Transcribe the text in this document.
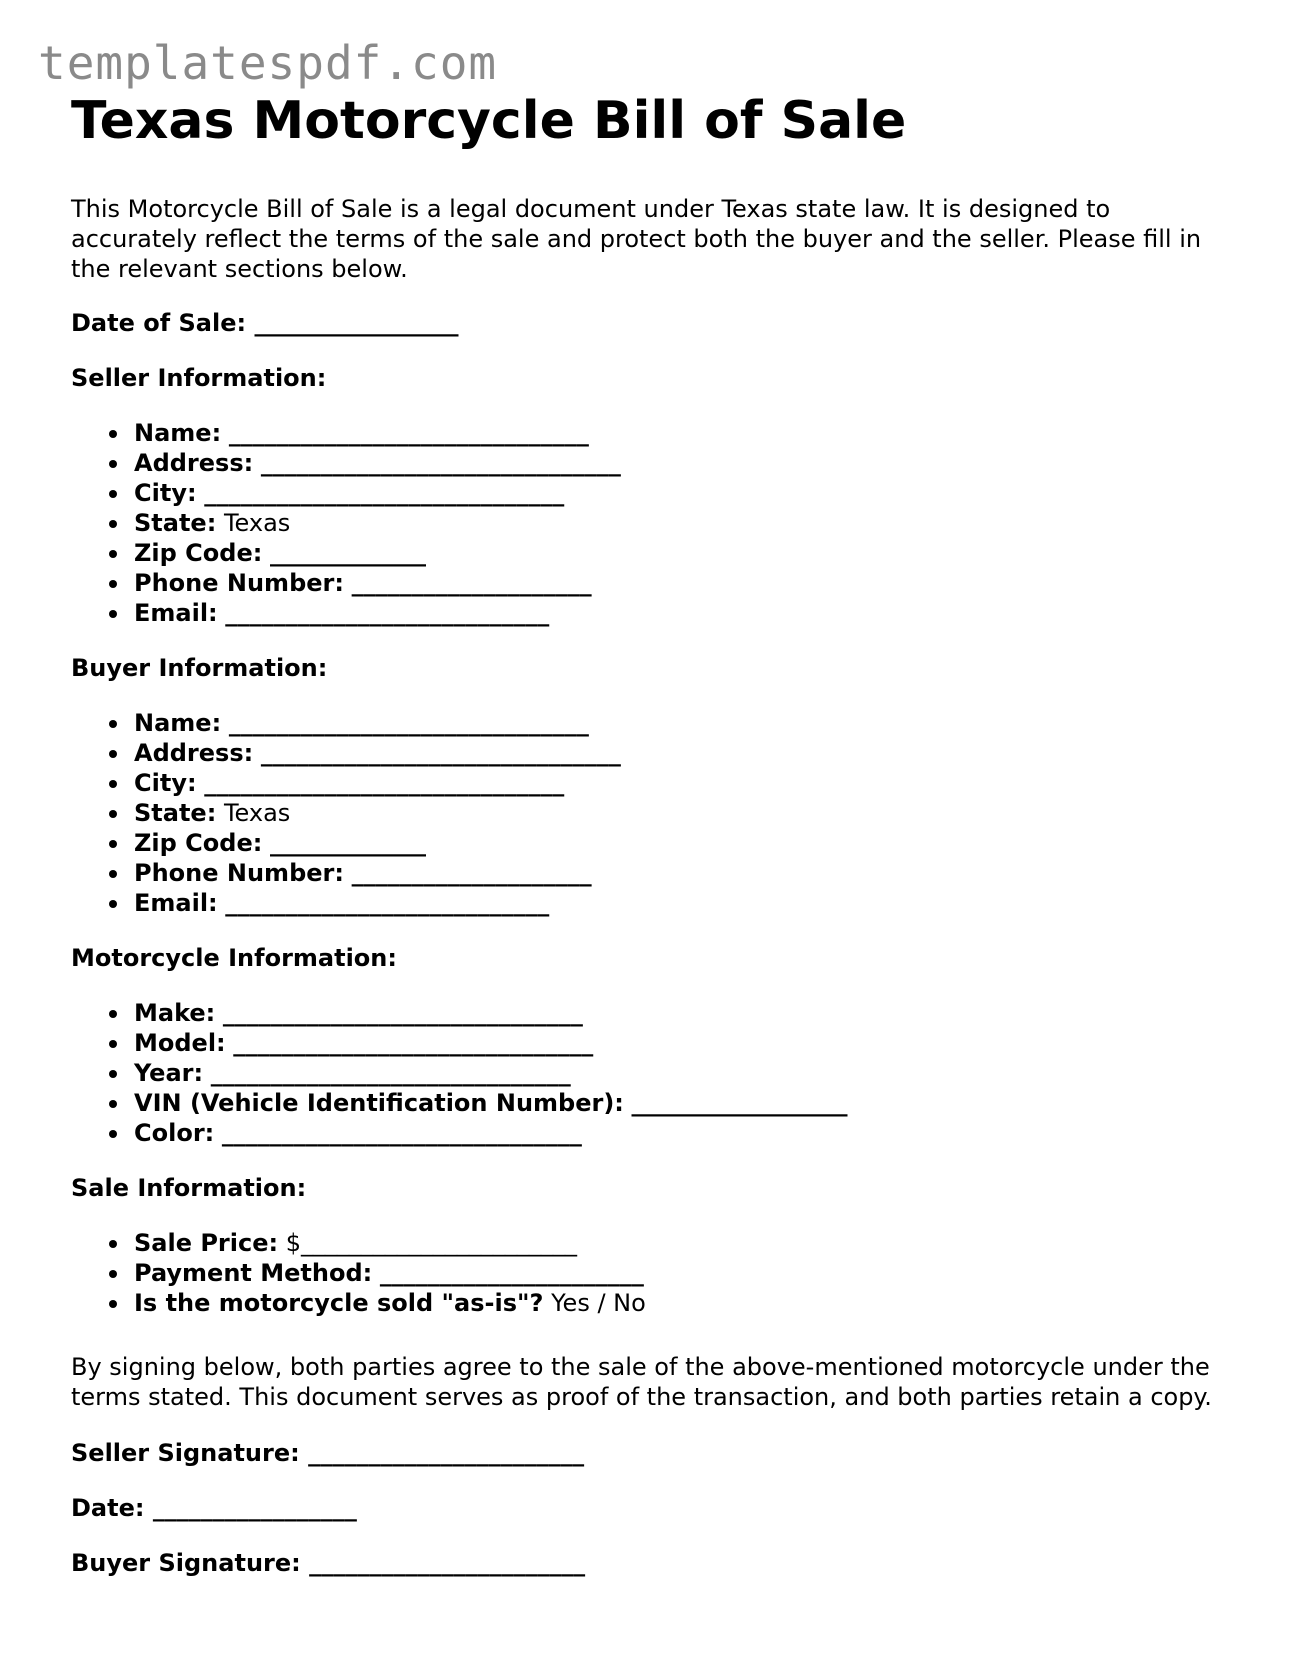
templatespdf.com
Texas Motorcycle Bill of Sale

This Motorcycle Bill of Sale is a legal document under Texas state law. It is designed to accurately reflect the terms of the sale and protect both the buyer and the seller. Please fill in the relevant sections below.

Date of Sale: _________________
Seller Information:
Name: ______________________________
Address: ______________________________
City: ______________________________
State: Texas
Zip Code: _____________
Phone Number: ____________________
Email: ___________________________
Buyer Information:
Name: ______________________________
Address: ______________________________
City: ______________________________
State: Texas
Zip Code: _____________
Phone Number: ____________________
Email: ___________________________
Motorcycle Information:
Make: ______________________________
Model: ______________________________
Year: ______________________________
VIN (Vehicle Identification Number): __________________
Color: ______________________________
Sale Information:
Sale Price: $_______________________
Payment Method: ______________________
Is the motorcycle sold "as-is"? Yes / No

By signing below, both parties agree to the sale of the above-mentioned motorcycle under the terms stated. This document serves as proof of the transaction, and both parties retain a copy.

Seller Signature: _______________________
Date: _________________
Buyer Signature: _______________________
